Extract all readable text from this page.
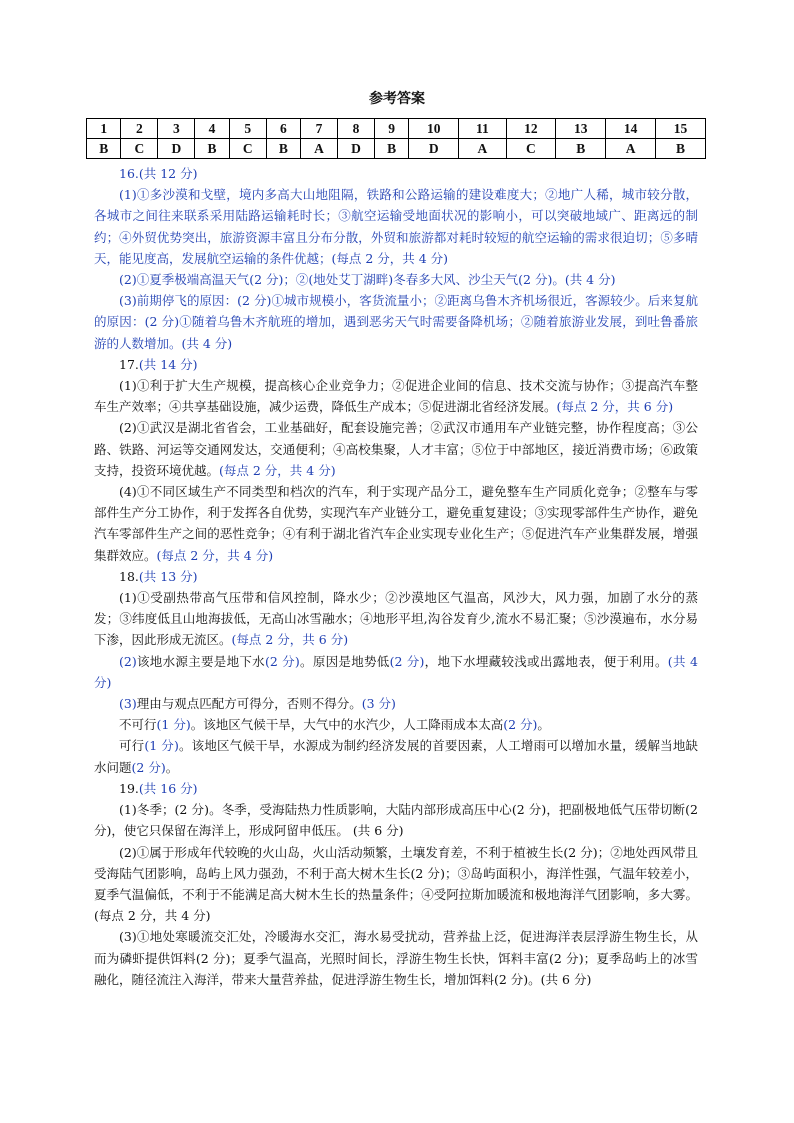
参考答案
1	2	3	4	5	6	7	8	9	10	11	12	13	14	15
B	C	D	B	C	B	A	D	B	D	A	C	B	A	B

16.(共 12 分)

(1)①多沙漠和戈壁，境内多高大山地阻隔，铁路和公路运输的建设难度大；②地广人稀，城市较分散，各城市之间往来联系采用陆路运输耗时长；③航空运输受地面状况的影响小，可以突破地域广、距离远的制约；④外贸优势突出，旅游资源丰富且分布分散，外贸和旅游都对耗时较短的航空运输的需求很迫切；⑤多晴天，能见度高，发展航空运输的条件优越；(每点 2 分，共 4 分)

(2)①夏季极端高温天气(2 分)；②(地处艾丁湖畔)冬春多大风、沙尘天气(2 分)。(共 4 分)

(3)前期停飞的原因：(2 分)①城市规模小，客货流量小；②距离乌鲁木齐机场很近，客源较少。后来复航的原因：(2 分)①随着乌鲁木齐航班的增加，遇到恶劣天气时需要备降机场；②随着旅游业发展，到吐鲁番旅游的人数增加。(共 4 分)

17.(共 14 分)

(1)①利于扩大生产规模，提高核心企业竞争力；②促进企业间的信息、技术交流与协作；③提高汽车整车生产效率；④共享基础设施，减少运费，降低生产成本；⑤促进湖北省经济发展。(每点 2 分，共 6 分)

(2)①武汉是湖北省省会，工业基础好，配套设施完善；②武汉市通用车产业链完整，协作程度高；③公路、铁路、河运等交通网发达，交通便利；④高校集聚，人才丰富；⑤位于中部地区，接近消费市场；⑥政策支持，投资环境优越。(每点 2 分，共 4 分)

(4)①不同区域生产不同类型和档次的汽车，利于实现产品分工，避免整车生产同质化竞争；②整车与零部件生产分工协作，利于发挥各自优势，实现汽车产业链分工，避免重复建设；③实现零部件生产协作，避免汽车零部件生产之间的恶性竞争；④有利于湖北省汽车企业实现专业化生产；⑤促进汽车产业集群发展，增强集群效应。(每点 2 分，共 4 分)

18.(共 13 分)

(1)①受副热带高气压带和信风控制，降水少；②沙漠地区气温高，风沙大，风力强，加剧了水分的蒸发；③纬度低且山地海拔低，无高山冰雪融水；④地形平坦,沟谷发育少,流水不易汇聚；⑤沙漠遍布，水分易下渗，因此形成无流区。(每点 2 分，共 6 分)

(2)该地水源主要是地下水(2 分)。原因是地势低(2 分)，地下水埋藏较浅或出露地表，便于利用。(共 4 分)

(3)理由与观点匹配方可得分，否则不得分。(3 分)

不可行(1 分)。该地区气候干旱，大气中的水汽少，人工降雨成本太高(2 分)。

可行(1 分)。该地区气候干旱，水源成为制约经济发展的首要因素，人工增雨可以增加水量，缓解当地缺水问题(2 分)。

19.(共 16 分)

(1)冬季；(2 分)。冬季，受海陆热力性质影响，大陆内部形成高压中心(2 分)，把副极地低气压带切断(2 分)，使它只保留在海洋上，形成阿留申低压。 (共 6 分)

(2)①属于形成年代较晚的火山岛，火山活动频繁，土壤发育差，不利于植被生长(2 分)；②地处西风带且受海陆气团影响，岛屿上风力强劲，不利于高大树木生长(2 分)；③岛屿面积小，海洋性强，气温年较差小，夏季气温偏低，不利于不能满足高大树木生长的热量条件；④受阿拉斯加暖流和极地海洋气团影响，多大雾。(每点 2 分，共 4 分)

(3)①地处寒暖流交汇处，冷暖海水交汇，海水易受扰动，营养盐上泛，促进海洋表层浮游生物生长，从而为磷虾提供饵料(2 分)；夏季气温高，光照时间长，浮游生物生长快，饵料丰富(2 分)；夏季岛屿上的冰雪融化，随径流注入海洋，带来大量营养盐，促进浮游生物生长，增加饵料(2 分)。(共 6 分)
